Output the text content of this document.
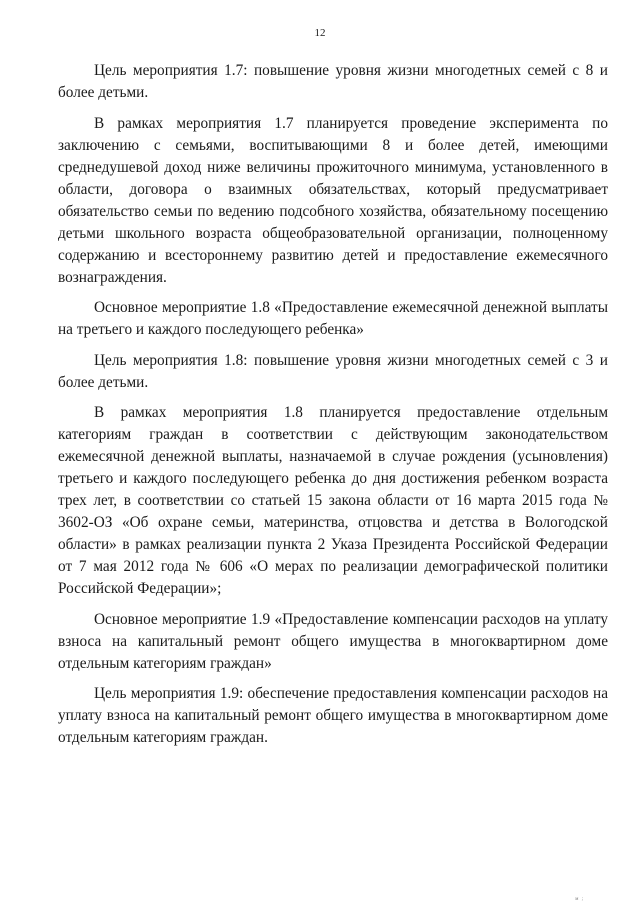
12

Цель мероприятия 1.7: повышение уровня жизни многодетных семей с 8 и более детьми.

В рамках мероприятия 1.7 планируется проведение эксперимента по заключению с семьями, воспитывающими 8 и более детей, имеющими среднедушевой доход ниже величины прожиточного минимума, установленного в области, договора о взаимных обязательствах, который предусматривает обязательство семьи по ведению подсобного хозяйства, обязательному посещению детьми школьного возраста общеобразовательной организации, полноценному содержанию и всестороннему развитию детей и предоставление ежемесячного вознаграждения.

Основное мероприятие 1.8 «Предоставление ежемесячной денежной выплаты на третьего и каждого последующего ребенка»

Цель мероприятия 1.8: повышение уровня жизни многодетных семей с 3 и более детьми.

В рамках мероприятия 1.8 планируется предоставление отдельным категориям граждан в соответствии с действующим законодательством ежемесячной денежной выплаты, назначаемой в случае рождения (усыновления) третьего и каждого последующего ребенка до дня достижения ребенком возраста трех лет, в соответствии со статьей 15 закона области от 16 марта 2015 года № 3602-ОЗ «Об охране семьи, материнства, отцовства и детства в Вологодской области» в рамках реализации пункта 2 Указа Президента Российской Федерации от 7 мая 2012 года № 606 «О мерах по реализации демографической политики Российской Федерации»;

Основное мероприятие 1.9 «Предоставление компенсации расходов на уплату взноса на капитальный ремонт общего имущества в многоквартирном доме отдельным категориям граждан»

Цель мероприятия 1.9: обеспечение предоставления компенсации расходов на уплату взноса на капитальный ремонт общего имущества в многоквартирном доме отдельным категориям граждан.

м ;
